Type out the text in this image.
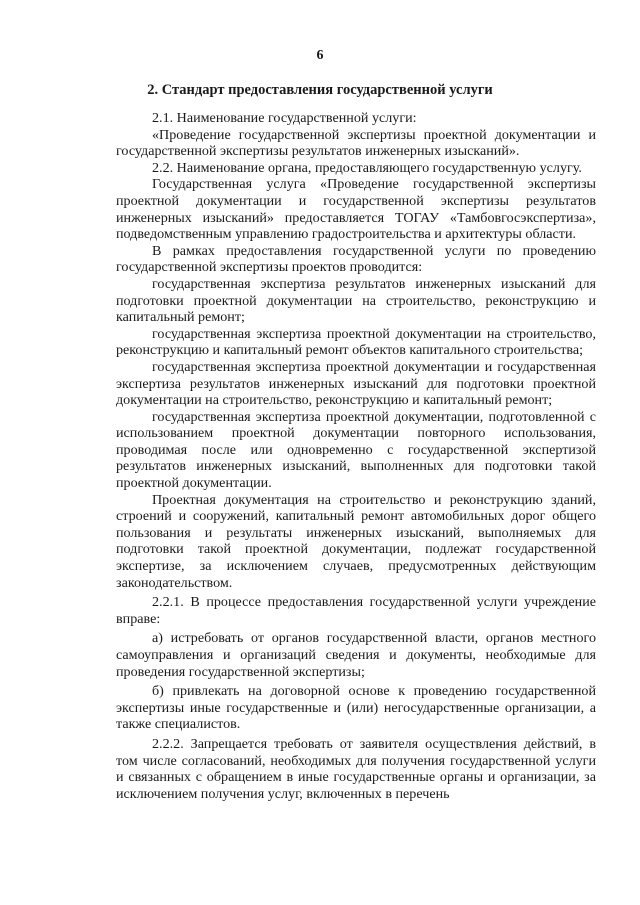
6
2. Стандарт предоставления государственной услуги

2.1. Наименование государственной услуги:

«Проведение государственной экспертизы проектной документации и государственной экспертизы результатов инженерных изысканий».

2.2. Наименование органа, предоставляющего государственную услугу.

Государственная услуга «Проведение государственной экспертизы проектной документации и государственной экспертизы результатов инженерных изысканий» предоставляется ТОГАУ «Тамбовгосэкспертиза», подведомственным управлению градостроительства и архитектуры области.

В рамках предоставления государственной услуги по проведению государственной экспертизы проектов проводится:

государственная экспертиза результатов инженерных изысканий для подготовки проектной документации на строительство, реконструкцию и капитальный ремонт;

государственная экспертиза проектной документации на строительство, реконструкцию и капитальный ремонт объектов капитального строительства;

государственная экспертиза проектной документации и государственная экспертиза результатов инженерных изысканий для подготовки проектной документации на строительство, реконструкцию и капитальный ремонт;

государственная экспертиза проектной документации, подготовленной с использованием проектной документации повторного использования, проводимая после или одновременно с государственной экспертизой результатов инженерных изысканий, выполненных для подготовки такой проектной документации.

Проектная документация на строительство и реконструкцию зданий, строений и сооружений, капитальный ремонт автомобильных дорог общего пользования и результаты инженерных изысканий, выполняемых для подготовки такой проектной документации, подлежат государственной экспертизе, за исключением случаев, предусмотренных действующим законодательством.

2.2.1. В процессе предоставления государственной услуги учреждение вправе:

а) истребовать от органов государственной власти, органов местного самоуправления и организаций сведения и документы, необходимые для проведения государственной экспертизы;

б) привлекать на договорной основе к проведению государственной экспертизы иные государственные и (или) негосударственные организации, а также специалистов.

2.2.2. Запрещается требовать от заявителя осуществления действий, в том числе согласований, необходимых для получения государственной услуги и связанных с обращением в иные государственные органы и организации, за исключением получения услуг, включенных в перечень
